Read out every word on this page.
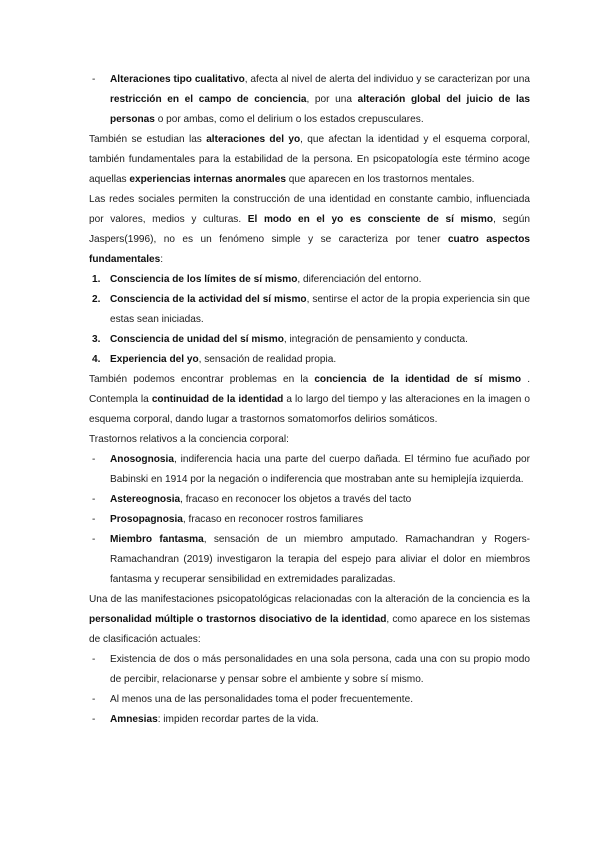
- Alteraciones tipo cualitativo, afecta al nivel de alerta del individuo y se caracterizan por una restricción en el campo de conciencia, por una alteración global del juicio de las personas o por ambas, como el delirium o los estados crepusculares.
También se estudian las alteraciones del yo, que afectan la identidad y el esquema corporal, también fundamentales para la estabilidad de la persona. En psicopatología este término acoge aquellas experiencias internas anormales que aparecen en los trastornos mentales.
Las redes sociales permiten la construcción de una identidad en constante cambio, influenciada por valores, medios y culturas. El modo en el yo es consciente de sí mismo, según Jaspers(1996), no es un fenómeno simple y se caracteriza por tener cuatro aspectos fundamentales:
1. Consciencia de los límites de sí mismo, diferenciación del entorno.
2. Consciencia de la actividad del sí mismo, sentirse el actor de la propia experiencia sin que estas sean iniciadas.
3. Consciencia de unidad del sí mismo, integración de pensamiento y conducta.
4. Experiencia del yo, sensación de realidad propia.
También podemos encontrar problemas en la conciencia de la identidad de sí mismo . Contempla la continuidad de la identidad a lo largo del tiempo y las alteraciones en la imagen o esquema corporal, dando lugar a trastornos somatomorfos delirios somáticos.
Trastornos relativos a la conciencia corporal:
- Anosognosia, indiferencia hacia una parte del cuerpo dañada. El término fue acuñado por Babinski en 1914 por la negación o indiferencia que mostraban ante su hemiplejía izquierda.
- Astereognosia, fracaso en reconocer los objetos a través del tacto
- Prosopagnosia, fracaso en reconocer rostros familiares
- Miembro fantasma, sensación de un miembro amputado. Ramachandran y Rogers-Ramachandran (2019) investigaron la terapia del espejo para aliviar el dolor en miembros fantasma y recuperar sensibilidad en extremidades paralizadas.
Una de las manifestaciones psicopatológicas relacionadas con la alteración de la conciencia es la personalidad múltiple o trastornos disociativo de la identidad, como aparece en los sistemas de clasificación actuales:
- Existencia de dos o más personalidades en una sola persona, cada una con su propio modo de percibir, relacionarse y pensar sobre el ambiente y sobre sí mismo.
- Al menos una de las personalidades toma el poder frecuentemente.
- Amnesias: impiden recordar partes de la vida.
